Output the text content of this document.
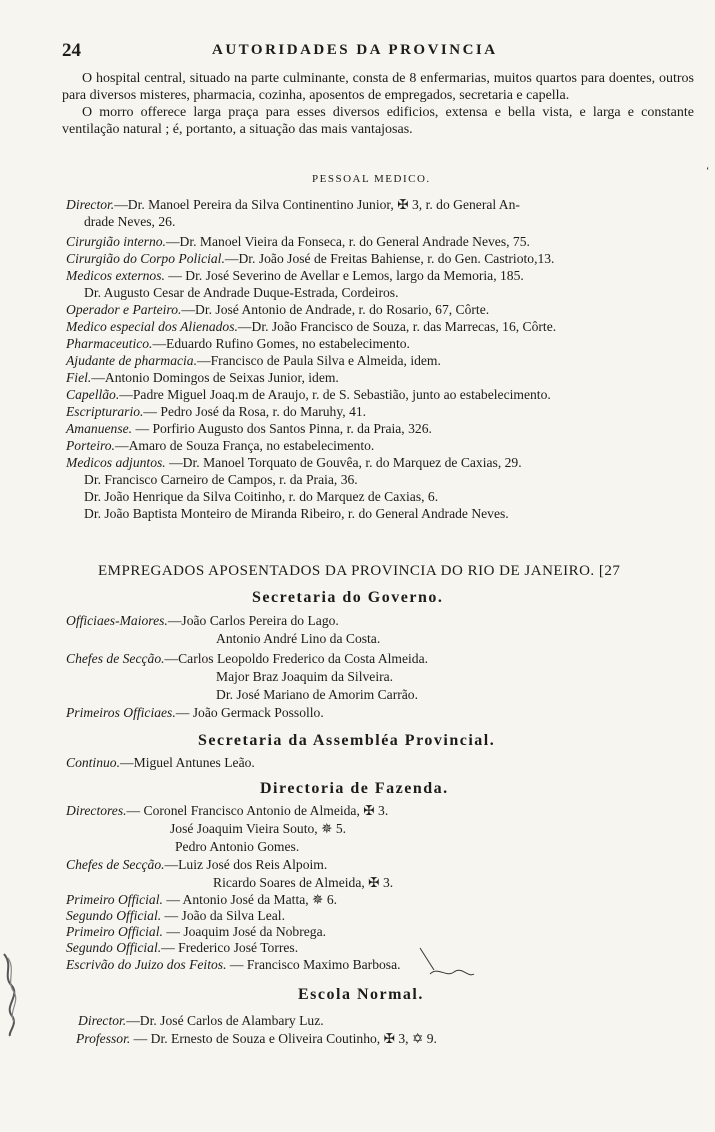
24	AUTORIDADES DA PROVINCIA

O hospital central, situado na parte culminante, consta de 8 enfermarias, muitos quartos para doentes, outros para diversos misteres, pharmacia, cozinha, aposentos de empregados, secretaria e capella.

O morro offerece larga praça para esses diversos edificios, extensa e bella vista, e larga e constante ventilação natural ; é, portanto, a situação das mais vantajosas.

‘
PESSOAL MEDICO.
Director.—Dr. Manoel Pereira da Silva Continentino Junior, ✠ 3, r. do General An-
drade Neves, 26.
Cirurgião interno.—Dr. Manoel Vieira da Fonseca, r. do General Andrade Neves, 75.
Cirurgião do Corpo Policial.—Dr. João José de Freitas Bahiense, r. do Gen. Castrioto,13.
Medicos externos. — Dr. José Severino de Avellar e Lemos, largo da Memoria, 185.
Dr. Augusto Cesar de Andrade Duque-Estrada, Cordeiros.
Operador e Parteiro.—Dr. José Antonio de Andrade, r. do Rosario, 67, Côrte.
Medico especial dos Alienados.—Dr. João Francisco de Souza, r. das Marrecas, 16, Côrte.
Pharmaceutico.—Eduardo Rufino Gomes, no estabelecimento.
Ajudante de pharmacia.—Francisco de Paula Silva e Almeida, idem.
Fiel.—Antonio Domingos de Seixas Junior, idem.
Capellão.—Padre Miguel Joaq.m de Araujo, r. de S. Sebastião, junto ao estabelecimento.
Escripturario.— Pedro José da Rosa, r. do Maruhy, 41.
Amanuense. — Porfirio Augusto dos Santos Pinna, r. da Praia, 326.
Porteiro.—Amaro de Souza França, no estabelecimento.
Medicos adjuntos. —Dr. Manoel Torquato de Gouvêa, r. do Marquez de Caxias, 29.
Dr. Francisco Carneiro de Campos, r. da Praia, 36.
Dr. João Henrique da Silva Coitinho, r. do Marquez de Caxias, 6.
Dr. João Baptista Monteiro de Miranda Ribeiro, r. do General Andrade Neves.
EMPREGADOS APOSENTADOS DA PROVINCIA DO RIO DE JANEIRO. [27
Secretaria do Governo.
Officiaes-Maiores.—João Carlos Pereira do Lago.
Antonio André Lino da Costa.
Chefes de Secção.—Carlos Leopoldo Frederico da Costa Almeida.
Major Braz Joaquim da Silveira.
Dr. José Mariano de Amorim Carrão.
Primeiros Officiaes.— João Germack Possollo.
Secretaria da Assembléa Provincial.
Continuo.—Miguel Antunes Leão.
Directoria de Fazenda.
Directores.— Coronel Francisco Antonio de Almeida, ✠ 3.
José Joaquim Vieira Souto, ✵ 5.
Pedro Antonio Gomes.
Chefes de Secção.—Luiz José dos Reis Alpoim.
Ricardo Soares de Almeida, ✠ 3.
Primeiro Official. — Antonio José da Matta, ✵ 6.
Segundo Official. — João da Silva Leal.
Primeiro Official. — Joaquim José da Nobrega.
Segundo Official.— Frederico José Torres.
Escrivão do Juizo dos Feitos. — Francisco Maximo Barbosa.
Escola Normal.
Director.—Dr. José Carlos de Alambary Luz.
Professor. — Dr. Ernesto de Souza e Oliveira Coutinho, ✠ 3, ✡ 9.
